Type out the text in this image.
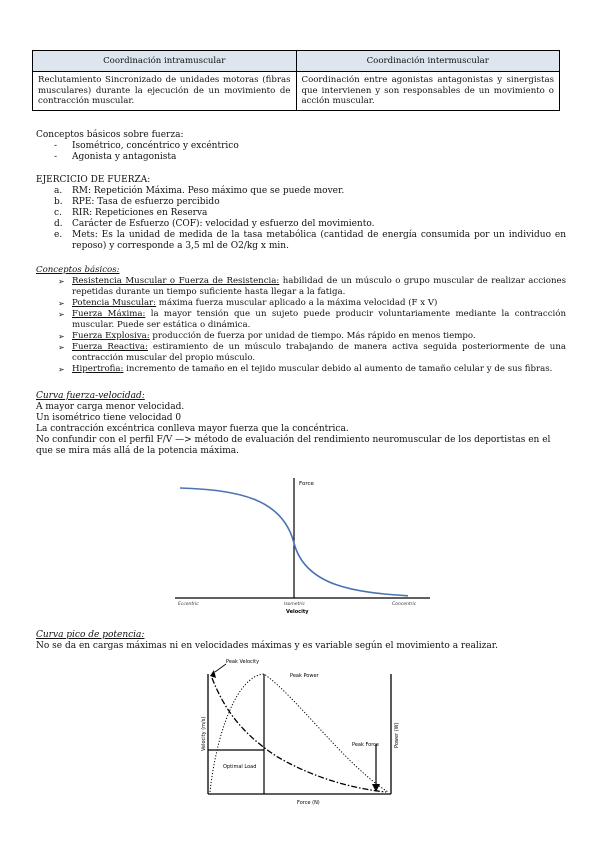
Coordinación intramuscular	Coordinación intermuscular
Reclutamiento Sincronizado de unidades motoras (fibras musculares) durante la ejecución de un movimiento de contracción muscular.	Coordinación entre agonistas antagonistas y sinergistas que intervienen y son responsables de un movimiento o acción muscular.
Conceptos básicos sobre fuerza:
- Isométrico, concéntrico y excéntrico
- Agonista y antagonista
EJERCICIO DE FUERZA:
a. RM: Repetición Máxima. Peso máximo que se puede mover.
b. RPE: Tasa de esfuerzo percibido
c. RIR: Repeticiones en Reserva
d. Carácter de Esfuerzo (COF): velocidad y esfuerzo del movimiento.
e. Mets: Es la unidad de medida de la tasa metabólica (cantidad de energía consumida por un individuo en reposo) y corresponde a 3,5 ml de O2/kg x min.
Conceptos básicos:
➢ Resistencia Muscular o Fuerza de Resistencia: habilidad de un músculo o grupo muscular de realizar acciones repetidas durante un tiempo suficiente hasta llegar a la fatiga.
➢ Potencia Muscular: máxima fuerza muscular aplicado a la máxima velocidad (F x V)
➢ Fuerza Máxima: la mayor tensión que un sujeto puede producir voluntariamente mediante la contracción muscular. Puede ser estática o dinámica.
➢ Fuerza Explosiva: producción de fuerza por unidad de tiempo. Más rápido en menos tiempo.
➢ Fuerza Reactiva: estiramiento de un músculo trabajando de manera activa seguida posteriormente de una contracción muscular del propio músculo.
➢ Hipertrofia: incremento de tamaño en el tejido muscular debido al aumento de tamaño celular y de sus fibras.
Curva fuerza-velocidad:
A mayor carga menor velocidad.
Un isométrico tiene velocidad 0
La contracción excéntrica conlleva mayor fuerza que la concéntrica.
No confundir con el perfil F/V —> método de evaluación del rendimiento neuromuscular de los deportistas en el que se mira más allá de la potencia máxima.
Force
Eccentric	Isometric	Concentric
Velocity
Curva pico de potencia:
No se da en cargas máximas ni en velocidades máximas y es variable según el movimiento a realizar.
Peak Velocity
Peak Power
Peak Force
Optimal Load
Force (N)
Velocity (m/s)	Power (W)
